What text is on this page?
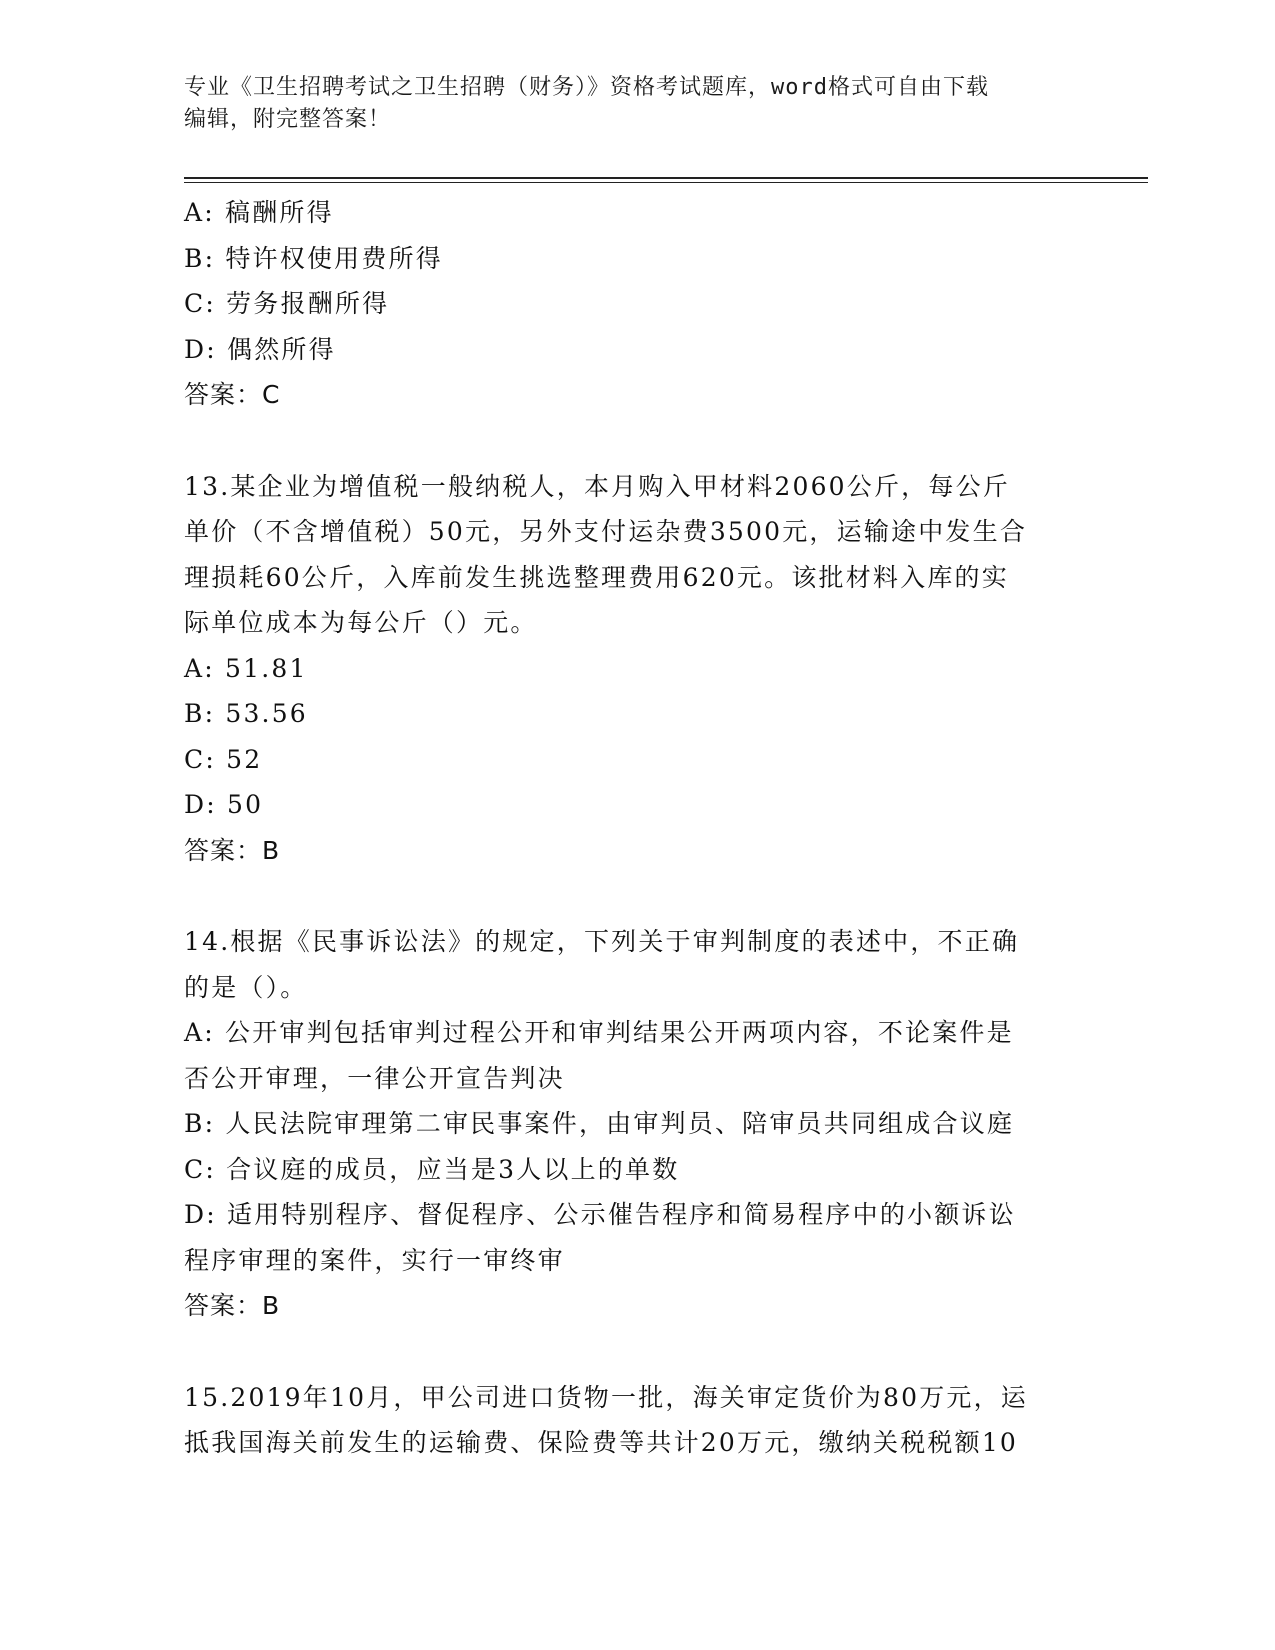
专业《卫生招聘考试之卫生招聘（财务）》资格考试题库，word格式可自由下载
编辑，附完整答案！
A: 稿酬所得
B: 特许权使用费所得
C: 劳务报酬所得
D: 偶然所得
答案：C
13.某企业为增值税一般纳税人，本月购入甲材料2060公斤，每公斤
单价（不含增值税）50元，另外支付运杂费3500元，运输途中发生合
理损耗60公斤，入库前发生挑选整理费用620元。该批材料入库的实
际单位成本为每公斤（）元。
A: 51.81
B: 53.56
C: 52
D: 50
答案：B
14.根据《民事诉讼法》的规定，下列关于审判制度的表述中，不正确
的是（）。
A: 公开审判包括审判过程公开和审判结果公开两项内容，不论案件是
否公开审理，一律公开宣告判决
B: 人民法院审理第二审民事案件，由审判员、陪审员共同组成合议庭
C: 合议庭的成员，应当是3人以上的单数
D: 适用特别程序、督促程序、公示催告程序和简易程序中的小额诉讼
程序审理的案件，实行一审终审
答案：B
15.2019年10月，甲公司进口货物一批，海关审定货价为80万元，运
抵我国海关前发生的运输费、保险费等共计20万元，缴纳关税税额10
